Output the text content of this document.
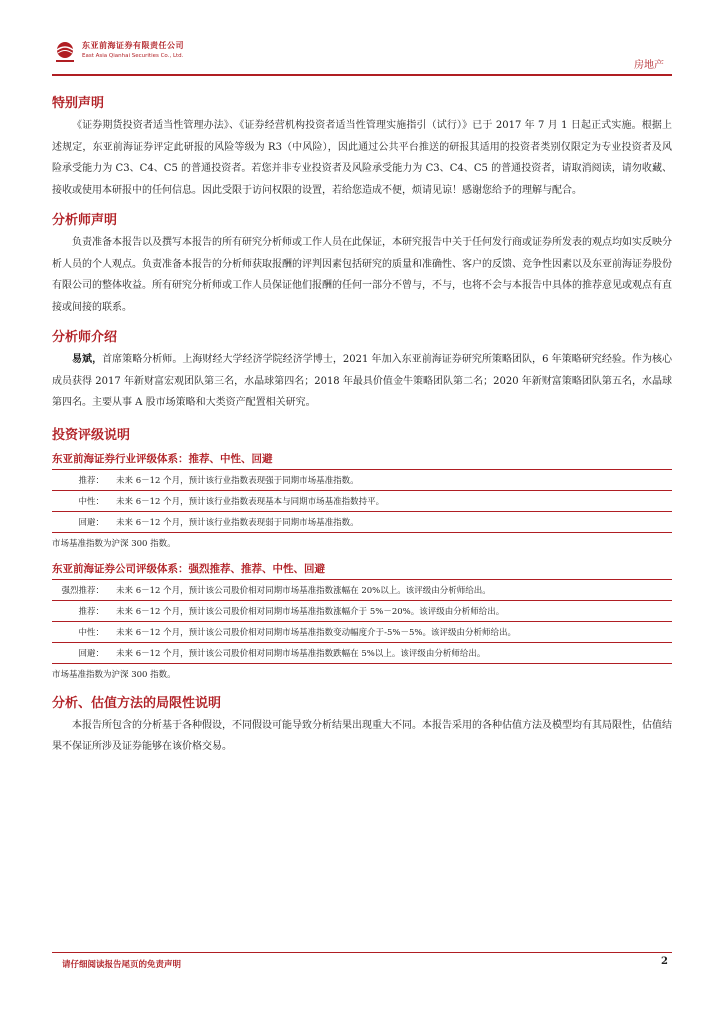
东亚前海证券有限责任公司
East Asia Qianhai Securities Co., Ltd.
房地产
特别声明

《证券期货投资者适当性管理办法》、《证券经营机构投资者适当性管理实施指引（试行）》已于 2017 年 7 月 1 日起正式实施。根据上述规定，东亚前海证券评定此研报的风险等级为 R3（中风险），因此通过公共平台推送的研报其适用的投资者类别仅限定为专业投资者及风险承受能力为 C3、C4、C5 的普通投资者。若您并非专业投资者及风险承受能力为 C3、C4、C5 的普通投资者，请取消阅读，请勿收藏、接收或使用本研报中的任何信息。因此受限于访问权限的设置，若给您造成不便，烦请见谅！感谢您给予的理解与配合。

分析师声明

负责准备本报告以及撰写本报告的所有研究分析师或工作人员在此保证，本研究报告中关于任何发行商或证券所发表的观点均如实反映分析人员的个人观点。负责准备本报告的分析师获取报酬的评判因素包括研究的质量和准确性、客户的反馈、竞争性因素以及东亚前海证券股份有限公司的整体收益。所有研究分析师或工作人员保证他们报酬的任何一部分不曾与，不与，也将不会与本报告中具体的推荐意见或观点有直接或间接的联系。

分析师介绍

易斌，首席策略分析师。上海财经大学经济学院经济学博士，2021 年加入东亚前海证券研究所策略团队，6 年策略研究经验。作为核心成员获得 2017 年新财富宏观团队第三名，水晶球第四名；2018 年最具价值金牛策略团队第二名；2020 年新财富策略团队第五名，水晶球第四名。主要从事 A 股市场策略和大类资产配置相关研究。

投资评级说明
东亚前海证券行业评级体系：推荐、中性、回避
推荐：	未来 6－12 个月，预计该行业指数表现强于同期市场基准指数。
中性：	未来 6－12 个月，预计该行业指数表现基本与同期市场基准指数持平。
回避：	未来 6－12 个月，预计该行业指数表现弱于同期市场基准指数。
市场基准指数为沪深 300 指数。
东亚前海证券公司评级体系：强烈推荐、推荐、中性、回避
强烈推荐：	未来 6－12 个月，预计该公司股价相对同期市场基准指数涨幅在 20%以上。该评级由分析师给出。
推荐：	未来 6－12 个月，预计该公司股价相对同期市场基准指数涨幅介于 5%－20%。该评级由分析师给出。
中性：	未来 6－12 个月，预计该公司股价相对同期市场基准指数变动幅度介于-5%－5%。该评级由分析师给出。
回避：	未来 6－12 个月，预计该公司股价相对同期市场基准指数跌幅在 5%以上。该评级由分析师给出。
市场基准指数为沪深 300 指数。
分析、估值方法的局限性说明

本报告所包含的分析基于各种假设，不同假设可能导致分析结果出现重大不同。本报告采用的各种估值方法及模型均有其局限性，估值结果不保证所涉及证券能够在该价格交易。

请仔细阅读报告尾页的免责声明	2
